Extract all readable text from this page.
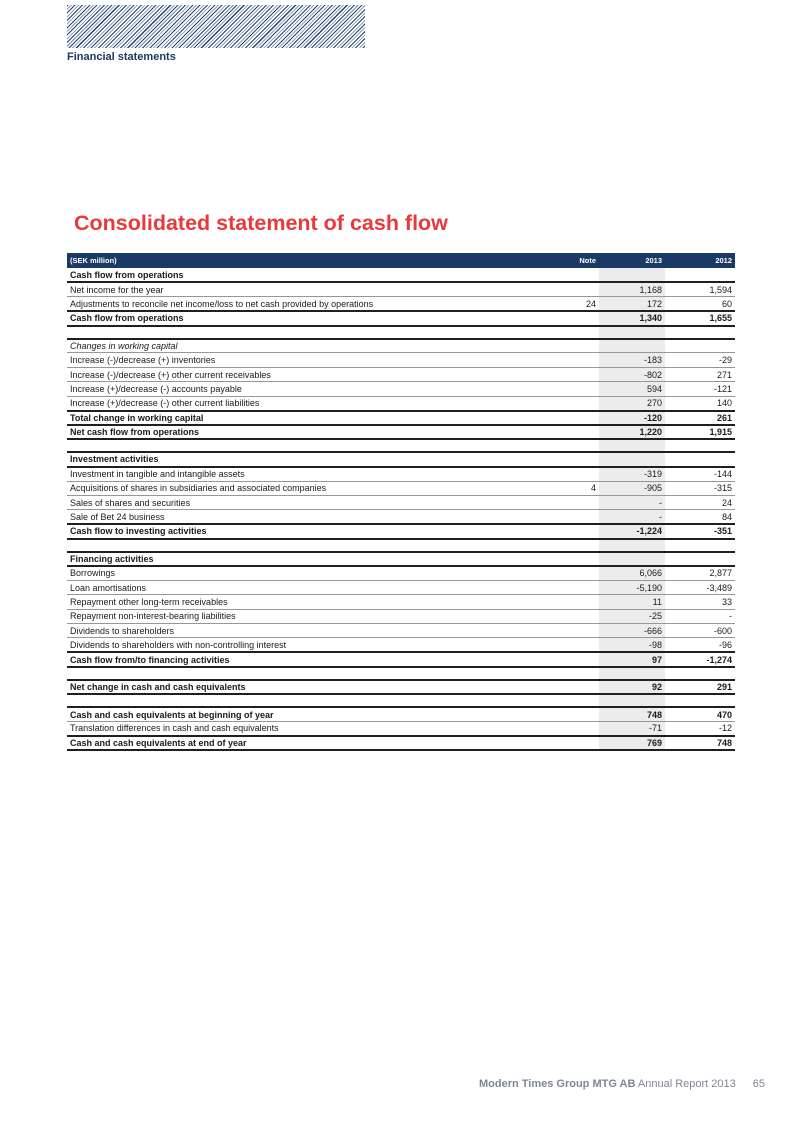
Financial statements
Consolidated statement of cash flow
(SEK million)	Note	2013	2012
Cash flow from operations			
Net income for the year		1,168	1,594
Adjustments to reconcile net income/loss to net cash provided by operations	24	172	60
Cash flow from operations		1,340	1,655

Changes in working capital			
Increase (-)/decrease (+) inventories		-183	-29
Increase (-)/decrease (+) other current receivables		-802	271
Increase (+)/decrease (-) accounts payable		594	-121
Increase (+)/decrease (-) other current liabilities		270	140
Total change in working capital		-120	261
Net cash flow from operations		1,220	1,915

Investment activities			
Investment in tangible and intangible assets		-319	-144
Acquisitions of shares in subsidiaries and associated companies	4	-905	-315
Sales of shares and securities		-	24
Sale of Bet 24 business		-	84
Cash flow to investing activities		-1,224	-351

Financing activities			
Borrowings		6,066	2,877
Loan amortisations		-5,190	-3,489
Repayment other long-term receivables		11	33
Repayment non-interest-bearing liabilities		-25	-
Dividends to shareholders		-666	-600
Dividends to shareholders with non-controlling interest		-98	-96
Cash flow from/to financing activities		97	-1,274

Net change in cash and cash equivalents		92	291

Cash and cash equivalents at beginning of year		748	470
Translation differences in cash and cash equivalents		-71	-12
Cash and cash equivalents at end of year		769	748
Modern Times Group MTG AB Annual Report 2013 65
